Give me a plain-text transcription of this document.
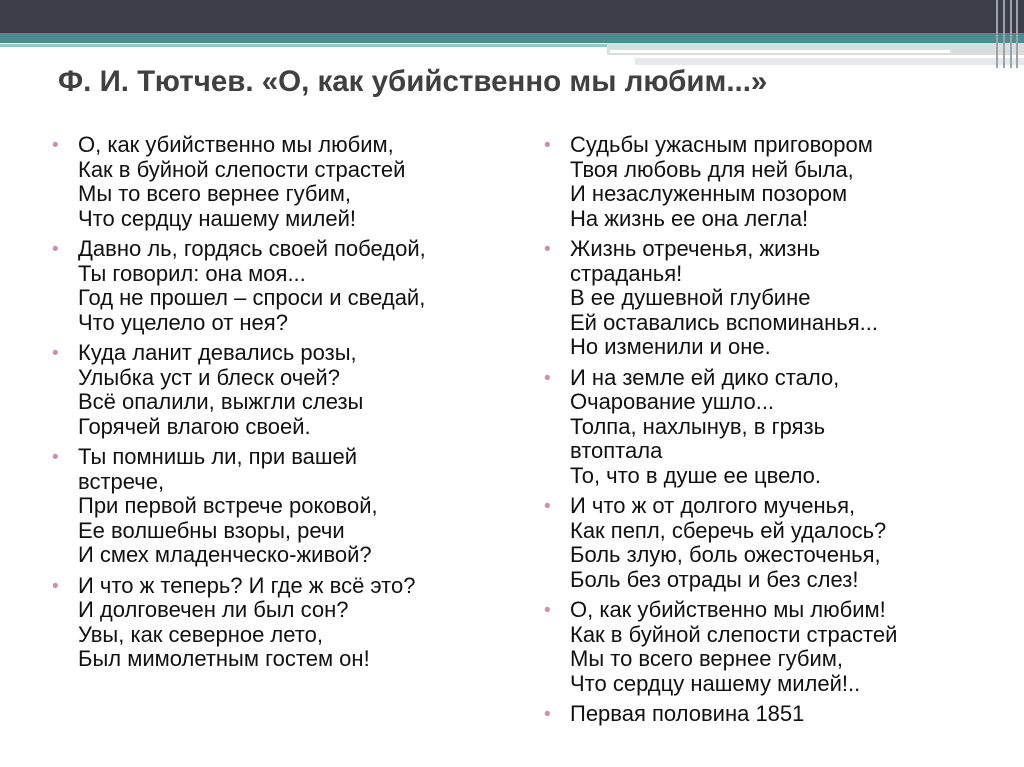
Ф. И. Тютчев. «О, как убийственно мы любим...»
• О, как убийственно мы любим,
Как в буйной слепости страстей
Мы то всего вернее губим,
Что сердцу нашему милей!
• Давно ль, гордясь своей победой,
Ты говорил: она моя...
Год не прошел – спроси и сведай,
Что уцелело от нея?
• Куда ланит девались розы,
Улыбка уст и блеск очей?
Всё опалили, выжгли слезы
Горячей влагою своей.
• Ты помнишь ли, при вашей
встрече,
При первой встрече роковой,
Ее волшебны взоры, речи
И смех младенческо-живой?
• И что ж теперь? И где ж всё это?
И долговечен ли был сон?
Увы, как северное лето,
Был мимолетным гостем он!
• Судьбы ужасным приговором
Твоя любовь для ней была,
И незаслуженным позором
На жизнь ее она легла!
• Жизнь отреченья, жизнь
страданья!
В ее душевной глубине
Ей оставались вспоминанья...
Но изменили и оне.
• И на земле ей дико стало,
Очарование ушло...
Толпа, нахлынув, в грязь
втоптала
То, что в душе ее цвело.
• И что ж от долгого мученья,
Как пепл, сберечь ей удалось?
Боль злую, боль ожесточенья,
Боль без отрады и без слез!
• О, как убийственно мы любим!
Как в буйной слепости страстей
Мы то всего вернее губим,
Что сердцу нашему милей!..
• Первая половина 1851
